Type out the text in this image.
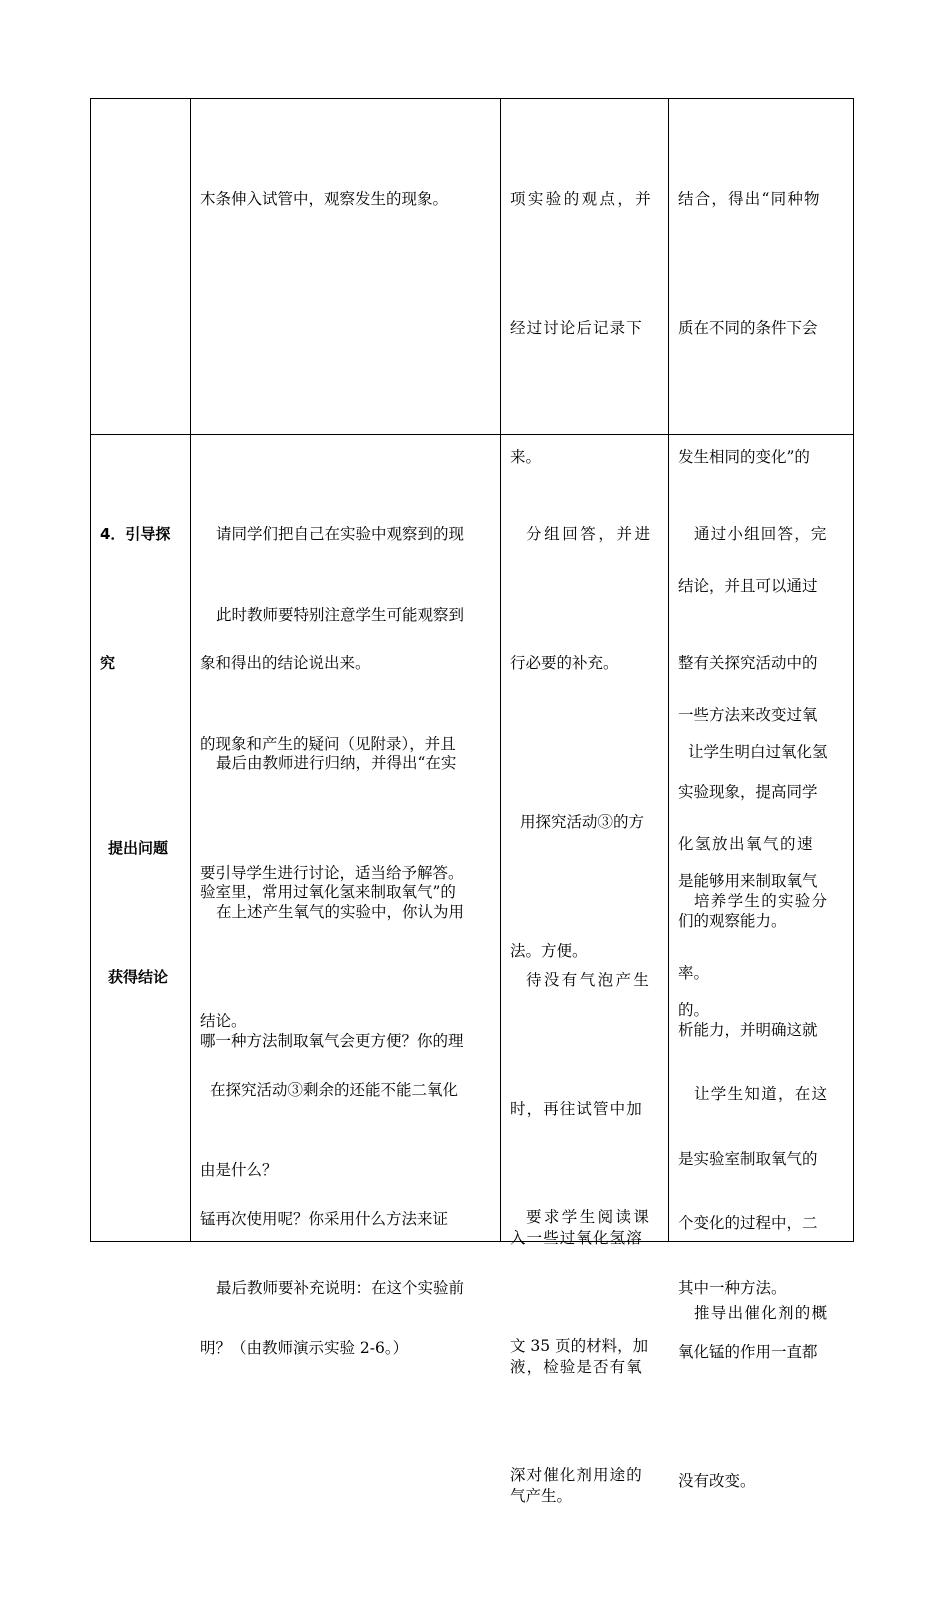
木条伸入试管中，观察发生的现象。

	项实验的观点，并

经过讨论后记录下

来。

结合，得出“同种物

质在不同的条件下会

发生相同的变化”的

结论，并且可以通过

一些方法来改变过氧

化氢放出氧气的速

率。

4．引导探

究

提出问题

获得结论

请同学们把自己在实验中观察到的现

象和得出的结论说出来。

此时教师要特别注意学生可能观察到

的现象和产生的疑问（见附录），并且

要引导学生进行讨论，适当给予解答。

最后由教师进行归纳，并得出“在实

验室里，常用过氧化氢来制取氧气”的

结论。

在上述产生氧气的实验中，你认为用

哪一种方法制取氧气会更方便？你的理

由是什么？

在探究活动③剩余的还能不能二氧化

锰再次使用呢？你采用什么方法来证

明？（由教师演示实验 2-6。）

最后教师要补充说明：在这个实验前

分组回答，并进

行必要的补充。

用探究活动③的方

法。方便。

待没有气泡产生

时，再往试管中加

入一些过氧化氢溶

液，检验是否有氧

气产生。

要求学生阅读课

文 35 页的材料，加

深对催化剂用途的

通过小组回答，完

整有关探究活动中的

实验现象，提高同学

们的观察能力。

让学生明白过氧化氢

是能够用来制取氧气

的。

培养学生的实验分

析能力，并明确这就

是实验室制取氧气的

其中一种方法。

让学生知道，在这

个变化的过程中，二

氧化锰的作用一直都

没有改变。

推导出催化剂的概
